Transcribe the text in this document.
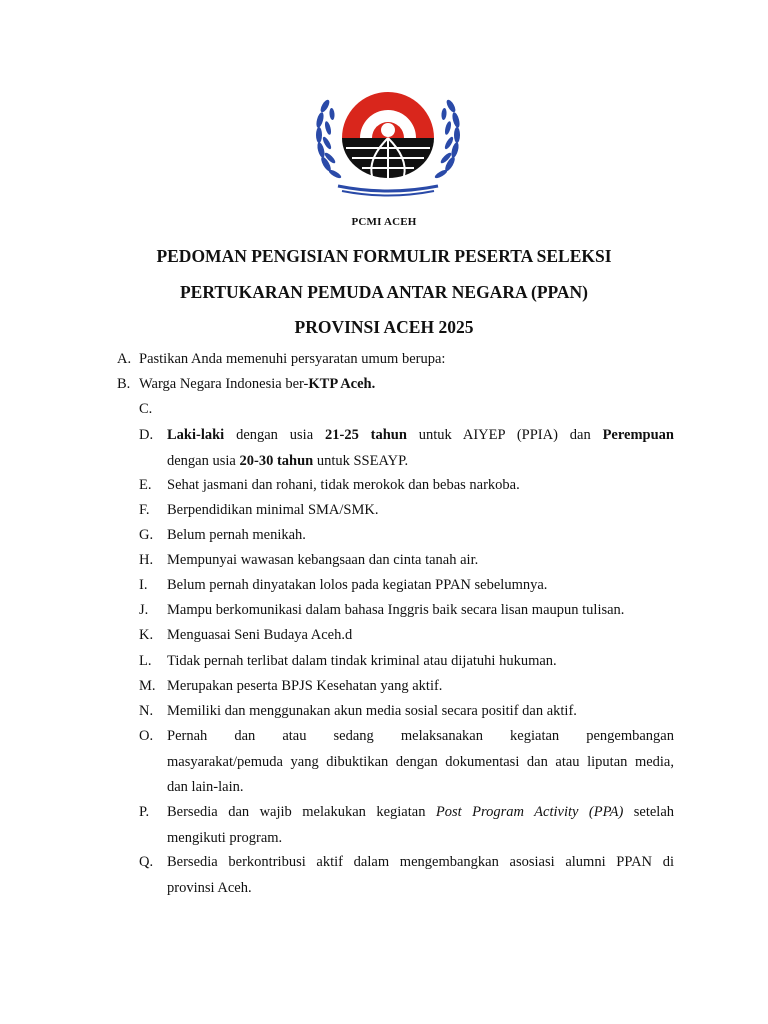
PCMI ACEH
PEDOMAN PENGISIAN FORMULIR PESERTA SELEKSI
PERTUKARAN PEMUDA ANTAR NEGARA (PPAN)
PROVINSI ACEH 2025
A. Pastikan Anda memenuhi persyaratan umum berupa:
B. Warga Negara Indonesia ber-KTP Aceh.
C.
D. Laki-laki dengan usia 21-25 tahun untuk AIYEP (PPIA) dan Perempuan
dengan usia 20-30 tahun untuk SSEAYP.
E. Sehat jasmani dan rohani, tidak merokok dan bebas narkoba.
F. Berpendidikan minimal SMA/SMK.
G. Belum pernah menikah.
H. Mempunyai wawasan kebangsaan dan cinta tanah air.
I. Belum pernah dinyatakan lolos pada kegiatan PPAN sebelumnya.
J. Mampu berkomunikasi dalam bahasa Inggris baik secara lisan maupun tulisan.
K. Menguasai Seni Budaya Aceh.d
L. Tidak pernah terlibat dalam tindak kriminal atau dijatuhi hukuman.
M. Merupakan peserta BPJS Kesehatan yang aktif.
N. Memiliki dan menggunakan akun media sosial secara positif dan aktif.
O. Pernah dan atau sedang melaksanakan kegiatan pengembangan
masyarakat/pemuda yang dibuktikan dengan dokumentasi dan atau liputan media,
dan lain-lain.
P. Bersedia dan wajib melakukan kegiatan Post Program Activity (PPA) setelah
mengikuti program.
Q. Bersedia berkontribusi aktif dalam mengembangkan asosiasi alumni PPAN di
provinsi Aceh.
